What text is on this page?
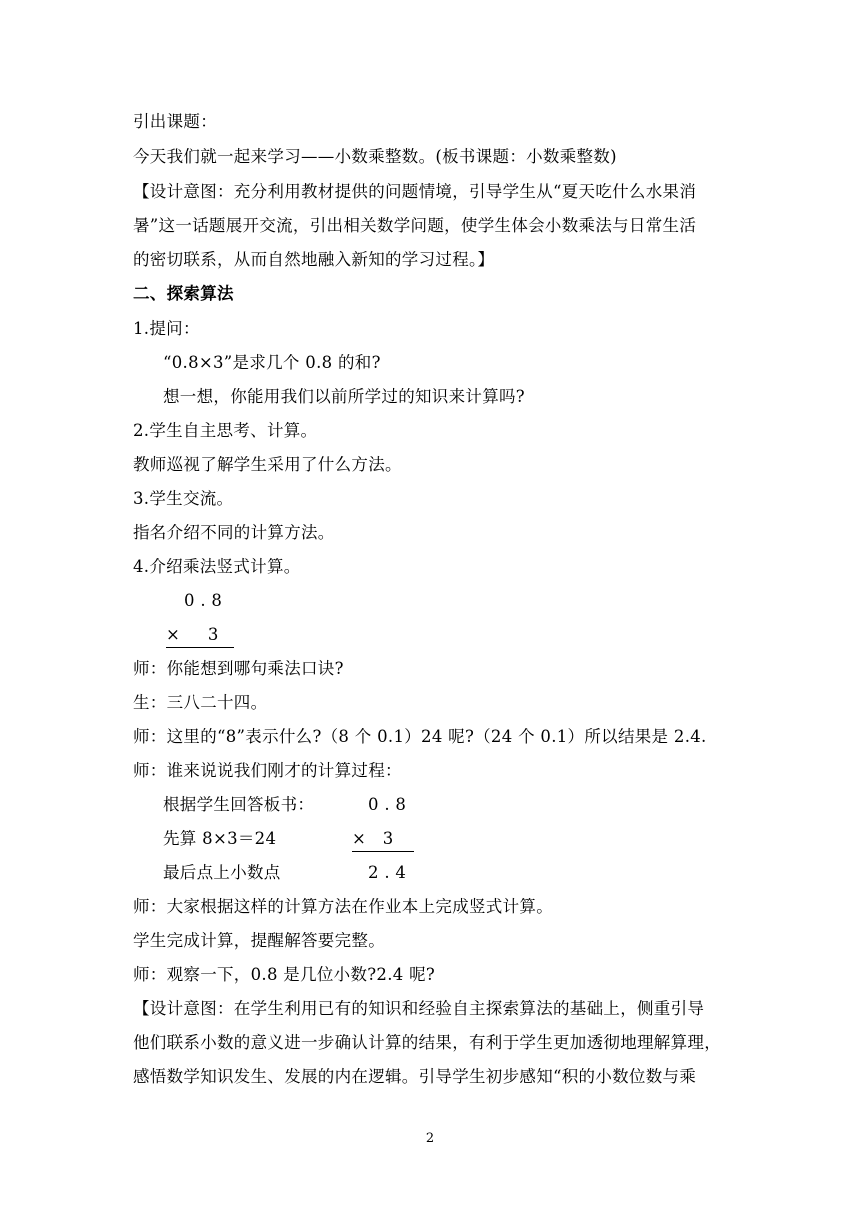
引出课题：
今天我们就一起来学习——小数乘整数。(板书课题：小数乘整数)
【设计意图：充分利用教材提供的问题情境，引导学生从“夏天吃什么水果消
暑”这一话题展开交流，引出相关数学问题，使学生体会小数乘法与日常生活
的密切联系，从而自然地融入新知的学习过程。】
二、探索算法
1.提问：
“0.8×3”是求几个 0.8 的和?
想一想，你能用我们以前所学过的知识来计算吗?
2.学生自主思考、计算。
教师巡视了解学生采用了什么方法。
3.学生交流。
指名介绍不同的计算方法。
4.介绍乘法竖式计算。
0 . 8
×     3
师：你能想到哪句乘法口诀?
生：三八二十四。
师：这里的“8”表示什么?（8 个 0.1）24 呢?（24 个 0.1）所以结果是 2.4.
师：谁来说说我们刚才的计算过程：
根据学生回答板书：	0 . 8
先算 8×3＝24	×   3
最后点上小数点	2 . 4
师：大家根据这样的计算方法在作业本上完成竖式计算。
学生完成计算，提醒解答要完整。
师：观察一下，0.8 是几位小数?2.4 呢?
【设计意图：在学生利用已有的知识和经验自主探索算法的基础上，侧重引导
他们联系小数的意义进一步确认计算的结果，有利于学生更加透彻地理解算理，
感悟数学知识发生、发展的内在逻辑。引导学生初步感知“积的小数位数与乘
2
